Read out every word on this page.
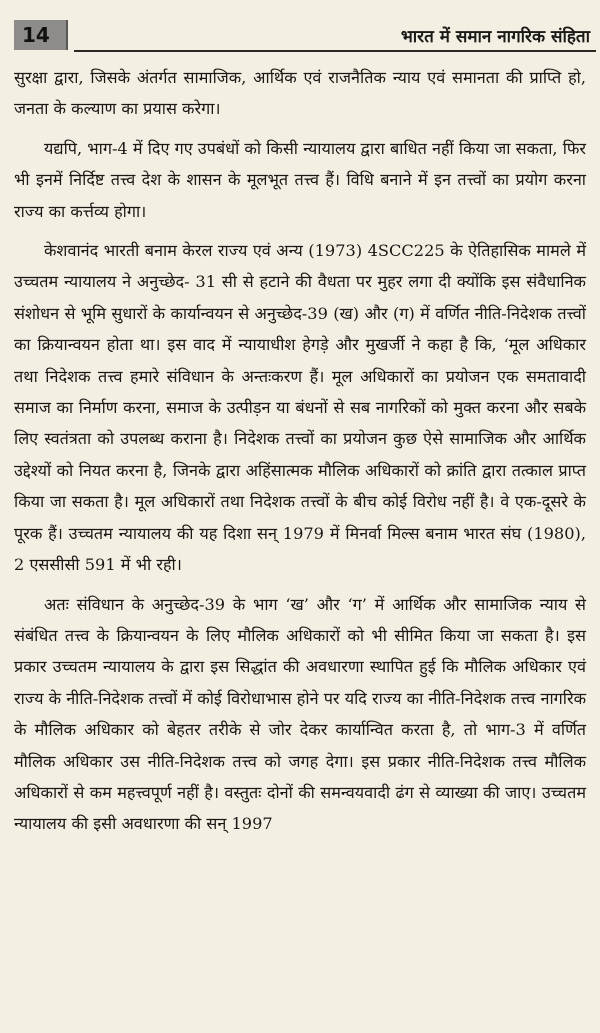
14	भारत में समान नागरिक संहिता

सुरक्षा द्वारा, जिसके अंतर्गत सामाजिक, आर्थिक एवं राजनैतिक न्याय एवं समानता की प्राप्ति हो, जनता के कल्याण का प्रयास करेगा।

यद्यपि, भाग-4 में दिए गए उपबंधों को किसी न्यायालय द्वारा बाधित नहीं किया जा सकता, फिर भी इनमें निर्दिष्ट तत्त्व देश के शासन के मूलभूत तत्त्व हैं। विधि बनाने में इन तत्त्वों का प्रयोग करना राज्य का कर्त्तव्य होगा।

केशवानंद भारती बनाम केरल राज्य एवं अन्य (1973) 4SCC225 के ऐतिहासिक मामले में उच्चतम न्यायालय ने अनुच्छेद- 31 सी से हटाने की वैधता पर मुहर लगा दी क्योंकि इस संवैधानिक संशोधन से भूमि सुधारों के कार्यान्वयन से अनुच्छेद-39 (ख) और (ग) में वर्णित नीति-निदेशक तत्त्वों का क्रियान्वयन होता था। इस वाद में न्यायाधीश हेगड़े और मुखर्जी ने कहा है कि, ‘मूल अधिकार तथा निदेशक तत्त्व हमारे संविधान के अन्तःकरण हैं। मूल अधिकारों का प्रयोजन एक समतावादी समाज का निर्माण करना, समाज के उत्पीड़न या बंधनों से सब नागरिकों को मुक्त करना और सबके लिए स्वतंत्रता को उपलब्ध कराना है। निदेशक तत्त्वों का प्रयोजन कुछ ऐसे सामाजिक और आर्थिक उद्देश्यों को नियत करना है, जिनके द्वारा अहिंसात्मक मौलिक अधिकारों को क्रांति द्वारा तत्काल प्राप्त किया जा सकता है। मूल अधिकारों तथा निदेशक तत्त्वों के बीच कोई विरोध नहीं है। वे एक-दूसरे के पूरक हैं। उच्चतम न्यायालय की यह दिशा सन् 1979 में मिनर्वा मिल्स बनाम भारत संघ (1980), 2 एससीसी 591 में भी रही।

अतः संविधान के अनुच्छेद-39 के भाग ‘ख’ और ‘ग’ में आर्थिक और सामाजिक न्याय से संबंधित तत्त्व के क्रियान्वयन के लिए मौलिक अधिकारों को भी सीमित किया जा सकता है। इस प्रकार उच्चतम न्यायालय के द्वारा इस सिद्धांत की अवधारणा स्थापित हुई कि मौलिक अधिकार एवं राज्य के नीति-निदेशक तत्त्वों में कोई विरोधाभास होने पर यदि राज्य का नीति-निदेशक तत्त्व नागरिक के मौलिक अधिकार को बेहतर तरीके से जोर देकर कार्यान्वित करता है, तो भाग-3 में वर्णित मौलिक अधिकार उस नीति-निदेशक तत्त्व को जगह देगा। इस प्रकार नीति-निदेशक तत्त्व मौलिक अधिकारों से कम महत्त्वपूर्ण नहीं है। वस्तुतः दोनों की समन्वयवादी ढंग से व्याख्या की जाए। उच्चतम न्यायालय की इसी अवधारणा की सन् 1997
